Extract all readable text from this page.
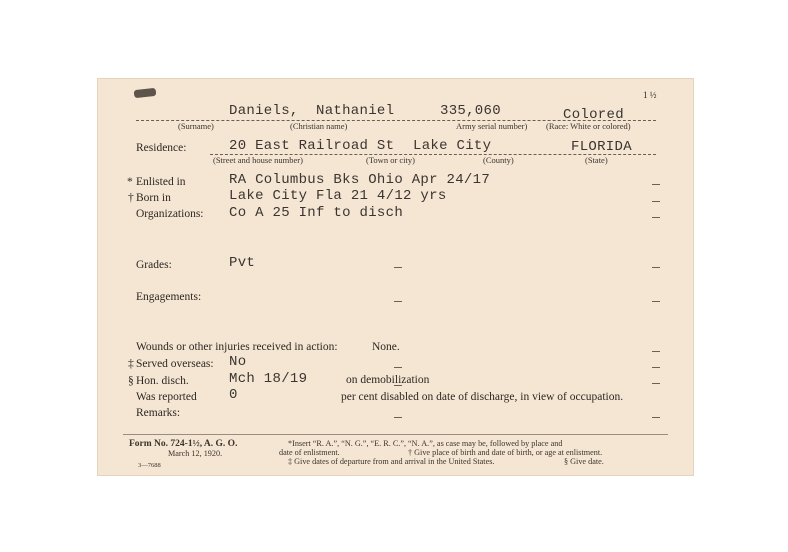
1 ½
Daniels, Nathaniel	335,060	Colored
(Surname)	(Christian name)	Army serial number) (Race: White or colored)
Residence:	20 East Railroad St Lake City	FLORIDA
(Street and house number)	(Town or city)	(County)	(State)
* Enlisted in	RA Columbus Bks Ohio Apr 24/17
† Born in	Lake City Fla 21 4/12 yrs
Organizations: Co A 25 Inf to disch
Grades:	Pvt
Engagements:
Wounds or other injuries received in action:	None.
‡ Served overseas: No
§ Hon. disch.	Mch 18/19	on demobilization
Was reported 0	per cent disabled on date of discharge, in view of occupation.
Remarks:
Form No. 724-1½, A. G. O.
March 12, 1920.
3—7688
*Insert “R. A.”, “N. G.”, “E. R. C.”, “N. A.”, as case may be, followed by place and
date of enlistment.	† Give place of birth and date of birth, or age at enlistment.
‡ Give dates of departure from and arrival in the United States.	§ Give date.
